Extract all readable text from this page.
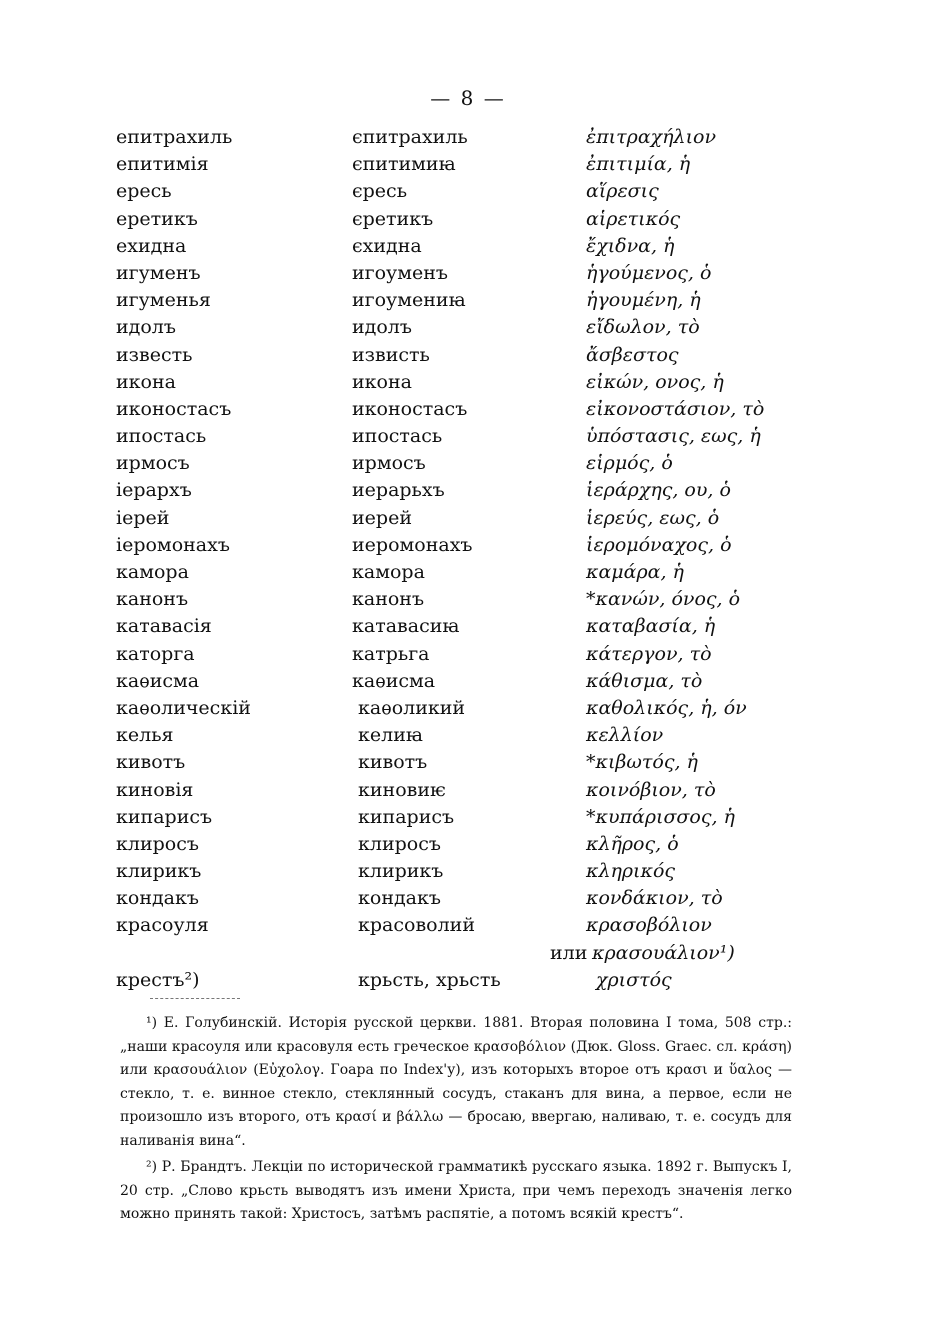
— 8 —
епитрахиль	єпитрахиль	ἐπιτραχήλιον
епитимія	єпитимиꙗ	ἐπιτιμία, ἡ
ересь	єресь	αἵρεσις
еретикъ	єретикъ	αἱρετικός
ехидна	єхидна	ἔχιδνα, ἡ
игуменъ	игоуменъ	ἡγούμενος, ὁ
игуменья	игоумениꙗ	ἡγουμένη, ἡ
идолъ	идолъ	εἴδωλον, τὸ
известь	извисть	ἄσβεστος
икона	икона	εἰκών, ονος, ἡ
иконостасъ	иконостасъ	εἰκονοστάσιον, τὸ
ипостась	ипостась	ὑπόστασις, εως, ἡ
ирмосъ	ирмосъ	εἱρμός, ὁ
іерархъ	иерарьхъ	ἱεράρχης, ου, ὁ
іерей	иерей	ἱερεύς, εως, ὁ
іеромонахъ	иеромонахъ	ἱερομόναχος, ὁ
камора	камора	καμάρα, ἡ
канонъ	канонъ	*κανών, όνος, ὁ
катавасія	катавасиꙗ	καταβασία, ἡ
каторга	катрьга	κάτεργον, τὸ
каѳисма	каѳисма	κάθισμα, τὸ
каѳолическій	каѳоликий	καθολικός, ἡ, όν
келья	келиꙗ	κελλίον
кивотъ	кивотъ	*κιβωτός, ἡ
киновія	киновиѥ	κοινόβιον, τὸ
кипарисъ	кипарисъ	*κυπάρισσος, ἡ
клиросъ	клиросъ	κλῆρος, ὁ
клирикъ	клирикъ	κληρικός
кондакъ	кондакъ	κονδάκιον, τὸ
красоуля	красоволий	κρασοβόλιον
или κρασουάλιον¹)
крестъ²)	крьсть, хрьсть	χριστός

¹) Е. Голубинскій. Исторія русской церкви. 1881. Вторая половина I тома, 508 стр.: „наши красоуля или красовуля есть греческое κρασοβόλιον (Дюк. Gloss. Graec. сл. κράση) или κρασουάλιον (Εὐχολογ. Гоара по Index'у), изъ которыхъ второе отъ κρασι и ὕαλος — стекло, т. е. винное стекло, стеклянный сосудъ, стаканъ для вина, а первое, если не произошло изъ второго, отъ κρασί и βάλλω — бросаю, ввергаю, наливаю, т. е. сосудъ для наливанія вина“.

²) Р. Брандтъ. Лекціи по исторической грамматикѣ русскаго языка. 1892 г. Выпускъ I, 20 стр. „Слово крьсть выводятъ изъ имени Христа, при чемъ переходъ значенія легко можно принять такой: Христосъ, затѣмъ распятіе, а потомъ всякій крестъ“.
